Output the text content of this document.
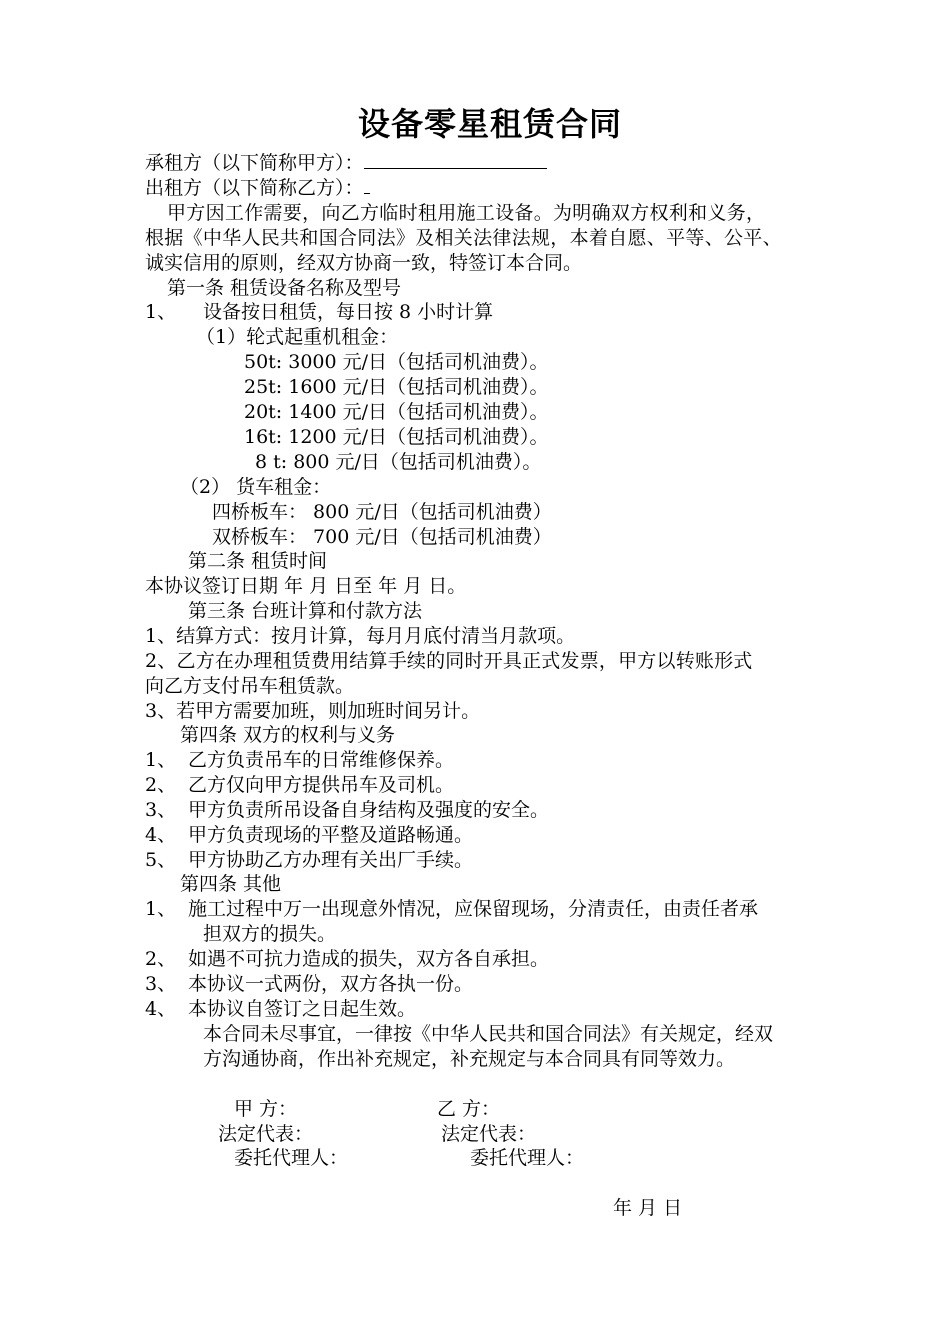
设备零星租赁合同
承租方（以下简称甲方）：
出租方（以下简称乙方）：
甲方因工作需要，向乙方临时租用施工设备。为明确双方权利和义务，
根据《中华人民共和国合同法》及相关法律法规，本着自愿、平等、公平、
诚实信用的原则，经双方协商一致，特签订本合同。
第一条 租赁设备名称及型号
1、 设备按日租赁，每日按 8 小时计算
（1）轮式起重机租金：
50t: 3000 元/日（包括司机油费）。
25t: 1600 元/日（包括司机油费）。
20t: 1400 元/日（包括司机油费）。
16t: 1200 元/日（包括司机油费）。
8 t: 800 元/日（包括司机油费）。
（2） 货车租金：
四桥板车： 800 元/日（包括司机油费）
双桥板车： 700 元/日（包括司机油费）
第二条 租赁时间
本协议签订日期 年 月 日至 年 月 日。
第三条 台班计算和付款方法
1、结算方式：按月计算，每月月底付清当月款项。
2、乙方在办理租赁费用结算手续的同时开具正式发票，甲方以转账形式
向乙方支付吊车租赁款。
3、若甲方需要加班，则加班时间另计。
第四条 双方的权利与义务
1、 乙方负责吊车的日常维修保养。
2、 乙方仅向甲方提供吊车及司机。
3、 甲方负责所吊设备自身结构及强度的安全。
4、 甲方负责现场的平整及道路畅通。
5、 甲方协助乙方办理有关出厂手续。
第四条 其他
1、 施工过程中万一出现意外情况，应保留现场，分清责任，由责任者承
担双方的损失。
2、 如遇不可抗力造成的损失，双方各自承担。
3、 本协议一式两份，双方各执一份。
4、 本协议自签订之日起生效。
本合同未尽事宜，一律按《中华人民共和国合同法》有关规定，经双
方沟通协商，作出补充规定，补充规定与本合同具有同等效力。
甲 方：	乙 方：
法定代表：	法定代表：
委托代理人：	委托代理人：
年 月 日
